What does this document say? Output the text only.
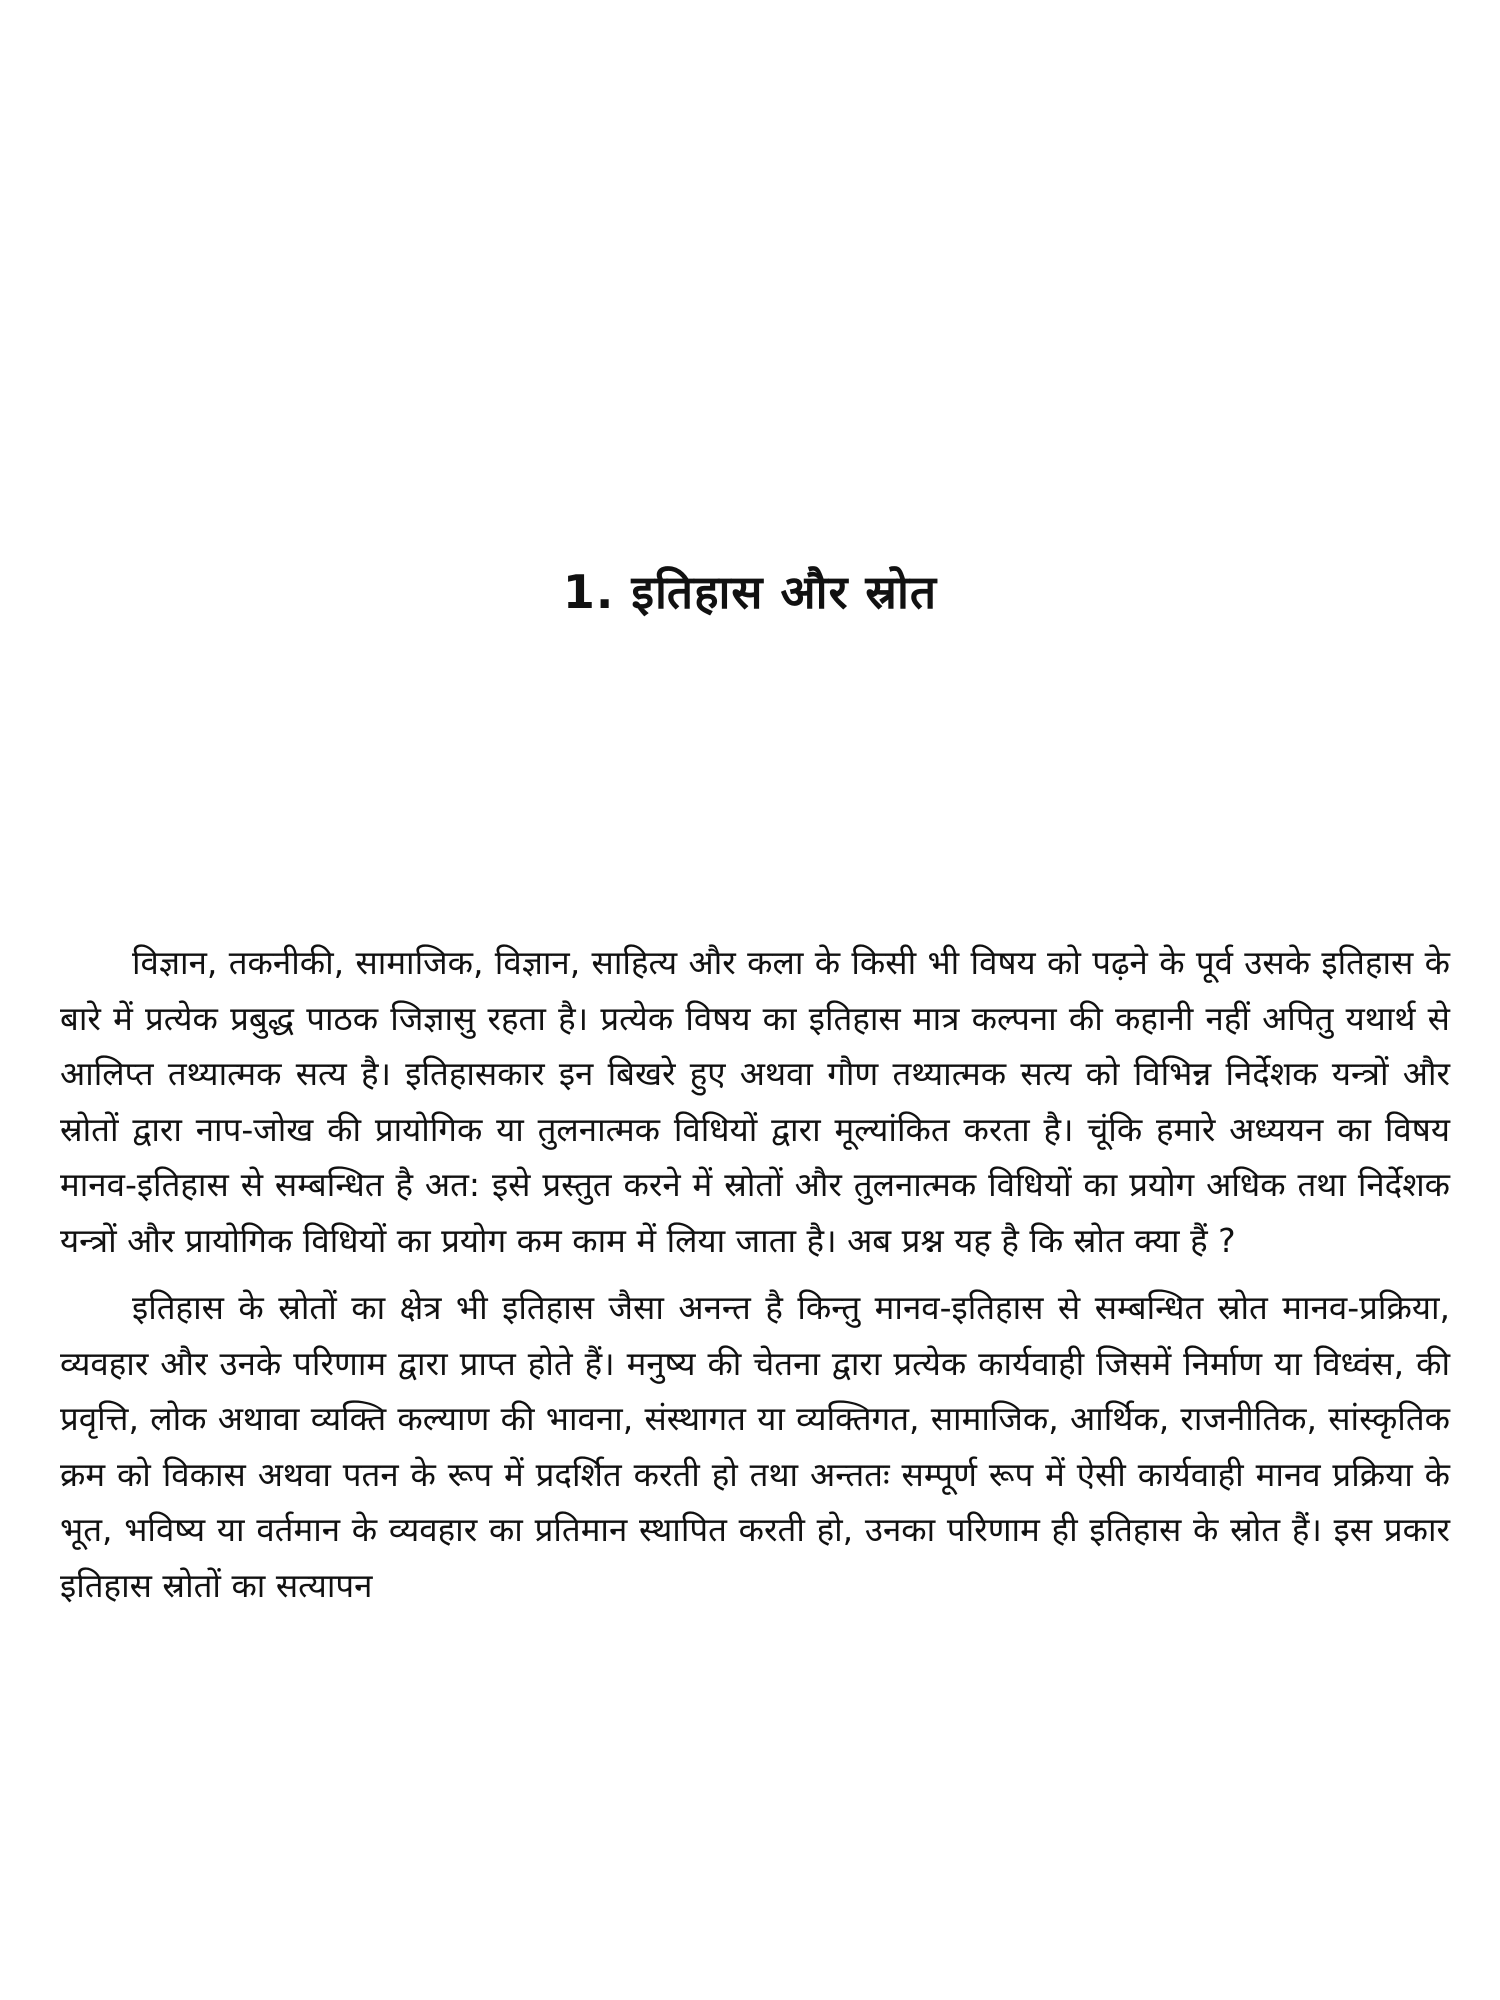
1. इतिहास और स्रोत

विज्ञान, तकनीकी, सामाजिक, विज्ञान, साहित्य और कला के किसी भी विषय को पढ़ने के पूर्व उसके इतिहास के बारे में प्रत्येक प्रबुद्ध पाठक जिज्ञासु रहता है। प्रत्येक विषय का इतिहास मात्र कल्पना की कहानी नहीं अपितु यथार्थ से आलिप्त तथ्यात्मक सत्य है। इतिहासकार इन बिखरे हुए अथवा गौण तथ्यात्मक सत्य को विभिन्न निर्देशक यन्त्रों और स्रोतों द्वारा नाप-जोख की प्रायोगिक या तुलनात्मक विधियों द्वारा मूल्यांकित करता है। चूंकि हमारे अध्ययन का विषय मानव-इतिहास से सम्बन्धित है अत: इसे प्रस्तुत करने में स्रोतों और तुलनात्मक विधियों का प्रयोग अधिक तथा निर्देशक यन्त्रों और प्रायोगिक विधियों का प्रयोग कम काम में लिया जाता है। अब प्रश्न यह है कि स्रोत क्या हैं ?

इतिहास के स्रोतों का क्षेत्र भी इतिहास जैसा अनन्त है किन्तु मानव-इतिहास से सम्बन्धित स्रोत मानव-प्रक्रिया, व्यवहार और उनके परिणाम द्वारा प्राप्त होते हैं। मनुष्य की चेतना द्वारा प्रत्येक कार्यवाही जिसमें निर्माण या विध्वंस, की प्रवृत्ति, लोक अथावा व्यक्ति कल्याण की भावना, संस्थागत या व्यक्तिगत, सामाजिक, आर्थिक, राजनीतिक, सांस्कृतिक क्रम को विकास अथवा पतन के रूप में प्रदर्शित करती हो तथा अन्ततः सम्पूर्ण रूप में ऐसी कार्यवाही मानव प्रक्रिया के भूत, भविष्य या वर्तमान के व्यवहार का प्रतिमान स्थापित करती हो, उनका परिणाम ही इतिहास के स्रोत हैं। इस प्रकार इतिहास स्रोतों का सत्यापन
